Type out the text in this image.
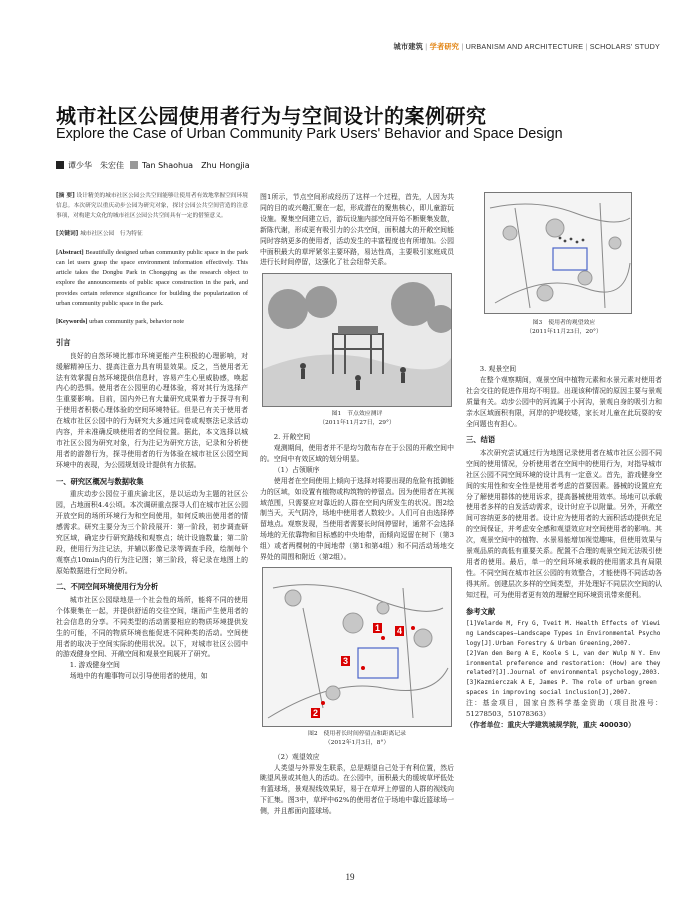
城市建筑 | 学者研究 | URBANISM AND ARCHITECTURE | SCHOLARS' STUDY
城市社区公园使用者行为与空间设计的案例研究
Explore the Case of Urban Community Park Users' Behavior and Space Design
谭少华　朱宏佳 Tan Shaohua　Zhu Hongjia
[摘 要] 设计精美的城市社区公园公共空间能够让使用者有效地掌握空间环境信息。本次研究以重庆动步公园为研究对象，探讨公园公共空间营造的注意事项，对构建大众化的城市社区公园公共空间具有一定的借鉴意义。
[关键词] 城市社区公园　行为特征
[Abstract] Beautifully designed urban community public space in the park can let users grasp the space environment information effectively. This article takes the Dongbu Park in Chongqing as the research object to explore the announcements of public space construction in the park, and provides certain reference significance for building the popularization of urban community public space in the park.
[Keywords] urban community park, behavior note
引言
良好的自然环境比都市环境更能产生积极的心理影响，对缓解精神压力、提高注意力具有明显效果。反之，当使用者无法有效掌握自然环境提供信息时，容易产生心里威胁感，唤起内心的恐惧。使用者在公园里的心理体验，将对其行为选择产生重要影响。目前，国内外已有大量研究成果着力于探寻有利于使用者积极心理体验的空间环境特征。但是已有关于使用者在城市社区公园中的行为研究大多通过问卷或观察法记录活动内容，并未准确反映使用者的空间位置。据此，本文选择以城市社区公园为研究对象，行为注记为研究方法，记录和分析使用者的游憩行为，探寻使用者的行为体验在城市社区公园空间环境中的表现，为公园规划设计提供有力依据。
一、研究区概况与数据收集
重庆动步公园位于重庆渝北区，是以运动为主题的社区公园，占地面积4.4公顷。本次调研重点探寻人们在城市社区公园开放空间的场所环境行为和空间使用，如何反映出使用者的情感需求。研究主要分为三个阶段展开：第一阶段，初步调查研究区域，确定步行研究路线和观察点；统计设施数量；第二阶段，使用行为注记法，并辅以影像记录等调查手段，绘制每个观察点10min内的行为注记图；第三阶段，将记录在地图上的原始数据进行空间分析。
二、不同空间环境使用行为分析
城市社区公园绿地是一个社会性的场所，能将不同的使用个体聚集在一起，并提供舒适的交往空间，继而产生使用者的社会信息的分享。不同类型的活动需要相应的物质环境提供发生的可能，不同的物质环境也能促进不同种类的活动。空间使用者的取决于空间实际的使用状况。以下，对城市社区公园中的游戏健身空间、开敞空间和观景空间展开了研究。
1. 游戏健身空间
场地中的有趣事物可以引导使用者的使用，如
图1所示，节点空间形成经历了这样一个过程，首先，人因为共同的目的或兴趣汇聚在一起，形成潜在的聚焦核心，即儿童游玩设施。聚集空间建立后，游玩设施内部空间开始不断聚集发散，新陈代谢，形成更有吸引力的公共空间，面积越大的开敞空间能同时容纳更多的使用者，活动发生的丰富程度也有所增加。公园中面积最大的草坪紧邻主要环路，易达性高，主要吸引家庭成员进行长时间停留，这强化了社会纽带关系。
图1　节点效应测评
（2011年11月27日，29°）
2. 开敞空间
观测期间，使用者并不是均匀散布存在于公园的开敞空间中的。空间中有效区域的划分明显。
（1）占领顺序
使用者在空间使用上倾向于选择对将要出现的危险有抵御能力的区域，如设置有植物或构筑物的停留点。因为使用者在其视域范围，只需要应对靠近的人群在空间内所发生的状况。图2绘制当天，天气阴冷，场地中使用者人数较少。人们可自由选择停留地点。观察发现，当使用者需要长时间停留时，通常不会选择场地的无依靠物和目标感的中央地带，而倾向逗留在树下（第3组）或者两棵树的中间地带（第1和第4组）和不同活动场地交界处的周围和附近（第2组）。
1
2
3
4
图2　使用者长时间停留点和距离记录
（2012年1月3日，8°）
（2）观望效应
人类望与外界发生联系，总是期望自己处于有利位置，然后眺望风景或其他人的活动。在公园中，面积最大的缓坡草坪低处有篮球场，景观视线效果好，易于在草坪上停留的人群的视线向下汇集。图3中，草坪中62%的使用者位于场地中靠近篮球场一侧，并且都面向篮球场。
图3　使用者的观望效应
（2011年11月23日，20°）
3. 观景空间
在整个观察期间，观景空间中植物元素和水景元素对使用者社会交往的促进作用均不明显。出现该种情况的原因主要与景观质量有关。动步公园中的河流属于小河沟，景观自身的吸引力和亲水区域面积有限，河岸的护堤较矮，家长对儿童在此玩耍的安全问题也有担心。
三、结语
本次研究尝试通过行为地图记录使用者在城市社区公园不同空间的使用情况，分析使用者在空间中的使用行为，对指导城市社区公园不同空间环境的设计具有一定意义。首先，游戏健身空间的实用性和安全性是使用者考虑的首要因素。器械的设置应充分了解使用群体的使用诉求，提高器械使用效率。场地可以承载使用者多样的自发活动需求，设计时应予以附量。另外，开敞空间可容纳更多的使用者。设计应为使用者的大面积活动提供充足的空间保证，并考虑安全感和观望效应对空间使用者的影响。其次，观景空间中的植物、水景易能增加视觉趣味，但使用效果与景观品质的高低有重要关系。配置不合理的观景空间无法吸引使用者的使用。最后，单一的空间环境承载的使用需求具有局限性。不同空间在城市社区公园的有效整合，才能使得不同活动各得其所。创建层次多样的空间类型，并处理好不同层次空间的认知过程，可为使用者更有效的理解空间环境资讯带来便利。
参考文献
[1]Velarde M, Fry G, Tveit M. Health Effects of Viewing Landscapes—Landscape Types in Environmental Psychology[J].Urban Forestry & Urban Greening,2007.
[2]Van den Berg A E, Koole S L, van der Wulp N Y. Environmental preference and restoration: (How) are they related?[J].Journal of environmental psychology,2003.
[3]Kazmierczak A E, James P. The role of urban green spaces in improving social inclusion[J],2007.
注：基金项目，国家自然科学基金资助（项目批准号：51278503，51078363）
（作者单位：重庆大学建筑城规学院，重庆 400030）
19
